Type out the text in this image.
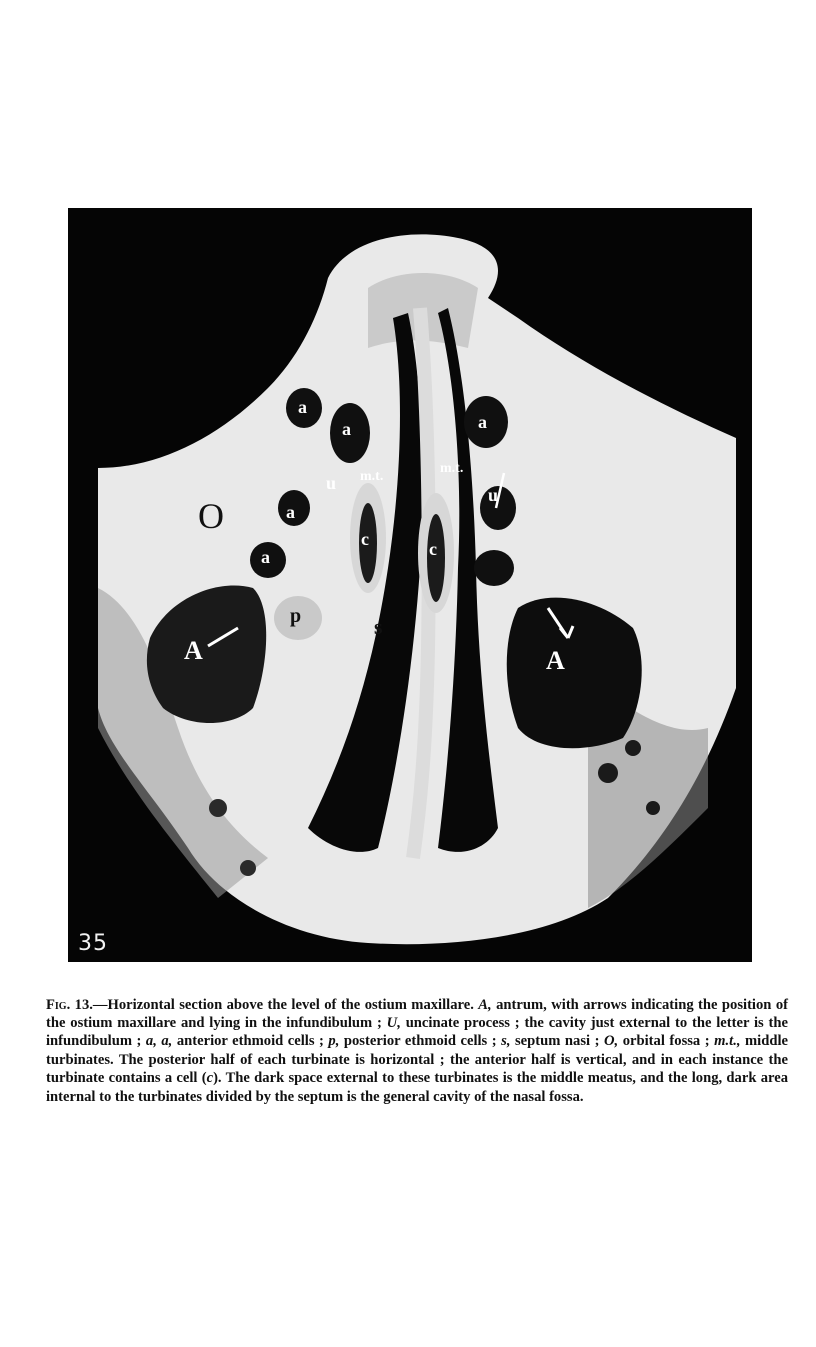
O
A	A
s
p
a
a
a
a
a
u
u
c	c
m.t.
m.t.
35

Fig. 13.—Horizontal section above the level of the ostium maxillare. A, antrum, with arrows indicating the position of the ostium maxillare and lying in the infundibulum ; U, uncinate process ; the cavity just external to the letter is the infundibulum ; a, a, anterior ethmoid cells ; p, posterior ethmoid cells ; s, septum nasi ; O, orbital fossa ; m.t., middle turbinates. The posterior half of each turbinate is horizontal ; the anterior half is vertical, and in each instance the turbinate contains a cell (c). The dark space external to these turbinates is the middle meatus, and the long, dark area internal to the turbinates divided by the septum is the general cavity of the nasal fossa.
